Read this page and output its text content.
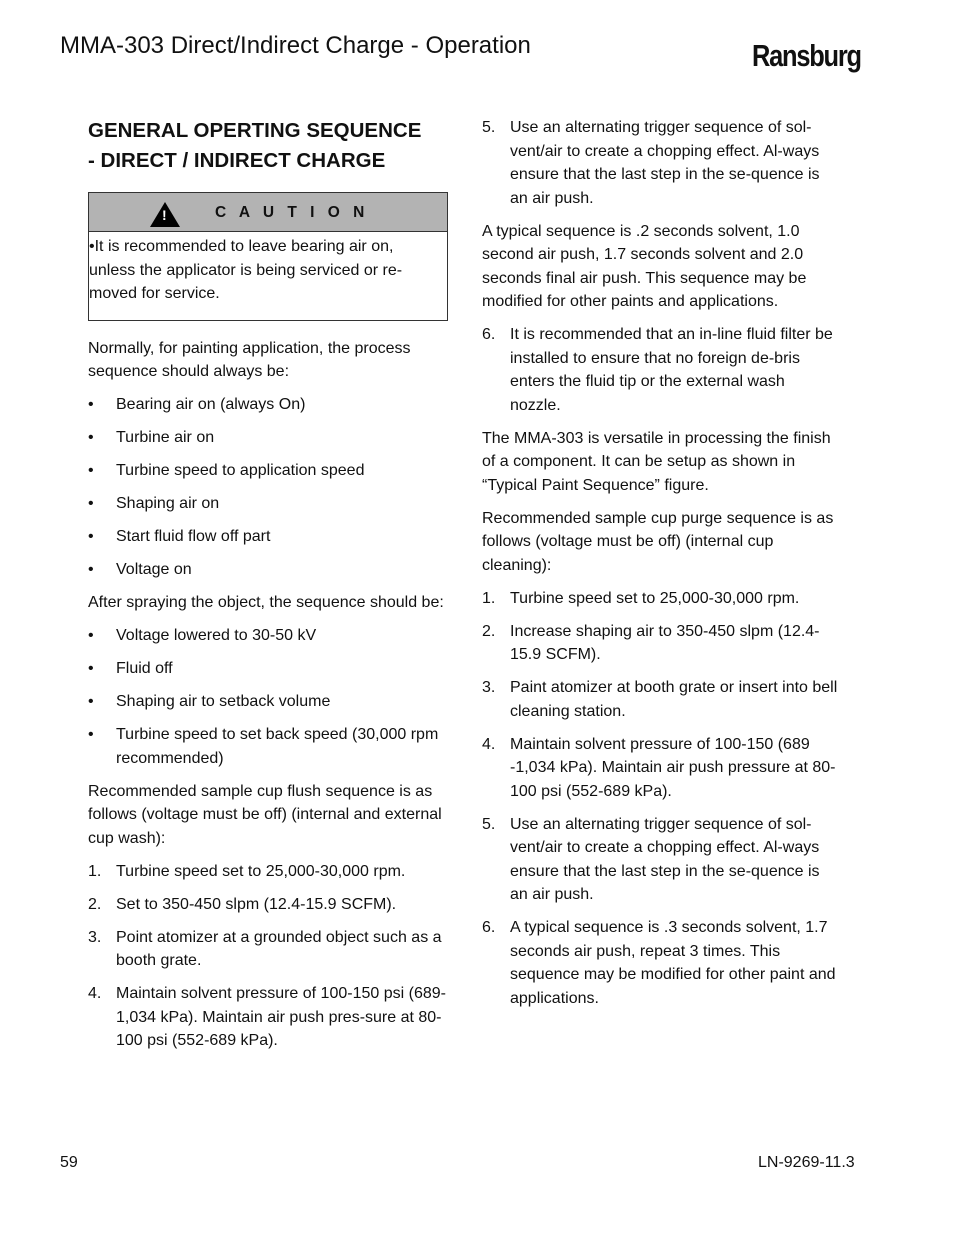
MMA-303 Direct/Indirect Charge - Operation	Ransburg
GENERAL OPERTING SEQUENCE
- DIRECT / INDIRECT CHARGE
!	C A U T I O N
•It is recommended to leave bearing air on, unless the applicator is being serviced or re-moved for service.

Normally, for painting application, the process sequence should always be:

• Bearing air on (always On)
• Turbine air on
• Turbine speed to application speed
• Shaping air on
• Start fluid flow off part
• Voltage on

After spraying the object, the sequence should be:

• Voltage lowered to 30-50 kV
• Fluid off
• Shaping air to setback volume
• Turbine speed to set back speed (30,000 rpm recommended)

Recommended sample cup flush sequence is as follows (voltage must be off) (internal and external cup wash):

1. Turbine speed set to 25,000-30,000 rpm.
2. Set to 350-450 slpm (12.4-15.9 SCFM).
3. Point atomizer at a grounded object such as a booth grate.
4. Maintain solvent pressure of 100-150 psi (689-1,034 kPa). Maintain air push pres-sure at 80-100 psi (552-689 kPa).
5. Use an alternating trigger sequence of sol-vent/air to create a chopping effect. Al-ways ensure that the last step in the se-quence is an air push.

A typical sequence is .2 seconds solvent, 1.0 second air push, 1.7 seconds solvent and 2.0 seconds final air push. This sequence may be modified for other paints and applications.

6. It is recommended that an in-line fluid filter be installed to ensure that no foreign de-bris enters the fluid tip or the external wash nozzle.

The MMA-303 is versatile in processing the finish of a component. It can be setup as shown in “Typical Paint Sequence” figure.

Recommended sample cup purge sequence is as follows (voltage must be off) (internal cup cleaning):

1. Turbine speed set to 25,000-30,000 rpm.
2. Increase shaping air to 350-450 slpm (12.4-15.9 SCFM).
3. Paint atomizer at booth grate or insert into bell cleaning station.
4. Maintain solvent pressure of 100-150 (689 -1,034 kPa). Maintain air push pressure at 80-100 psi (552-689 kPa).
5. Use an alternating trigger sequence of sol-vent/air to create a chopping effect. Al-ways ensure that the last step in the se-quence is an air push.
6. A typical sequence is .3 seconds solvent, 1.7 seconds air push, repeat 3 times. This sequence may be modified for other paint and applications.
59	LN-9269-11.3
